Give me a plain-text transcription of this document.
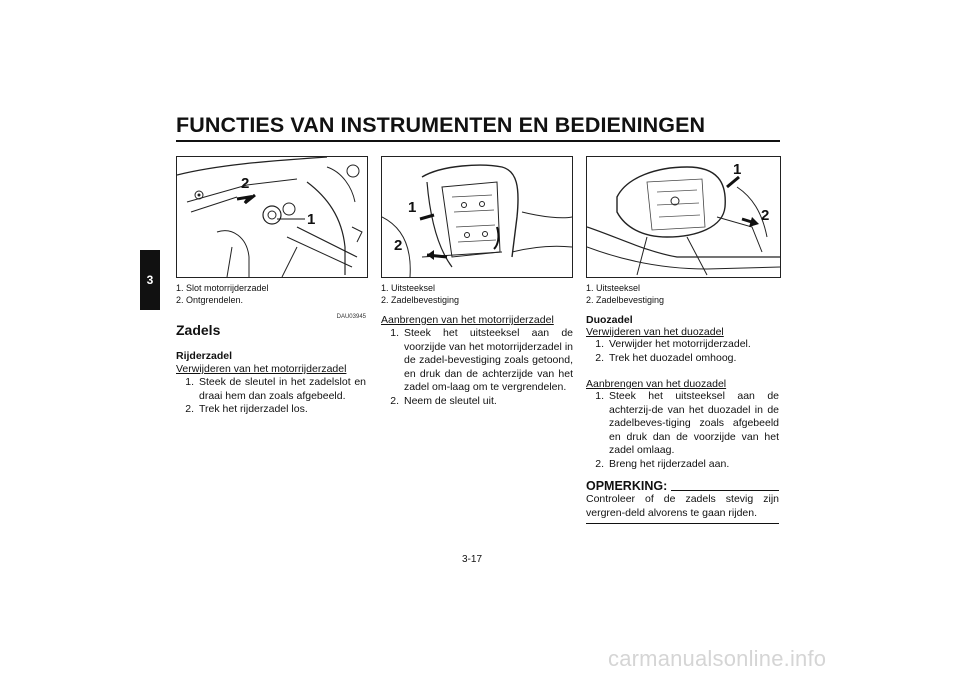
FUNCTIES VAN INSTRUMENTEN EN BEDIENINGEN
3
2
1
1
2
1
2
1. Slot motorrijderzadel
2. Ontgrendelen.
DAU03945
Zadels
Rijderzadel
Verwijderen van het motorrijderzadel
1. Steek de sleutel in het zadelslot en draai hem dan zoals afgebeeld.
2. Trek het rijderzadel los.
1. Uitsteeksel
2. Zadelbevestiging
Aanbrengen van het motorrijderzadel
1. Steek het uitsteeksel aan de voorzijde van het motorrijderzadel in de zadel-bevestiging zoals getoond, en druk dan de achterzijde van het zadel om-laag om te vergrendelen.
2. Neem de sleutel uit.
1. Uitsteeksel
2. Zadelbevestiging
Duozadel
Verwijderen van het duozadel
1. Verwijder het motorrijderzadel.
2. Trek het duozadel omhoog.
Aanbrengen van het duozadel
1. Steek het uitsteeksel aan de achterzij-de van het duozadel in de zadelbeves-tiging zoals afgebeeld en druk dan de voorzijde van het zadel omlaag.
2. Breng het rijderzadel aan.
OPMERKING:
Controleer of de zadels stevig zijn vergren-deld alvorens te gaan rijden.
3-17
carmanualsonline.info
